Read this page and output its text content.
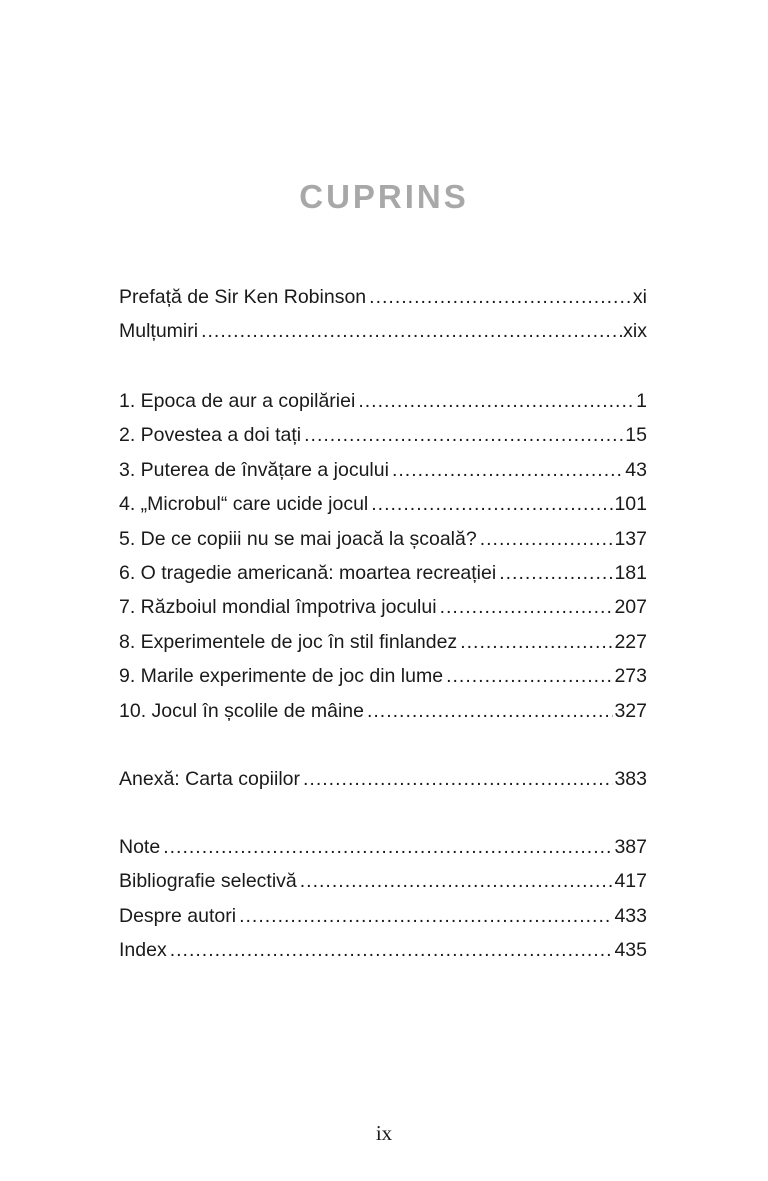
CUPRINS
Prefață de Sir Ken Robinson .....	xi
Mulțumiri .....	xix
1. Epoca de aur a copilăriei .....	1
2. Povestea a doi tați .....	15
3. Puterea de învățare a jocului .....	43
4. „Microbul“ care ucide jocul .....	101
5. De ce copiii nu se mai joacă la școală? .....	137
6. O tragedie americană: moartea recreației .....	181
7. Războiul mondial împotriva jocului .....	207
8. Experimentele de joc în stil finlandez .....	227
9. Marile experimente de joc din lume .....	273
10. Jocul în școlile de mâine .....	327
Anexă: Carta copiilor .....	383
Note .....	387
Bibliografie selectivă .....	417
Despre autori .....	433
Index .....	435
ix
